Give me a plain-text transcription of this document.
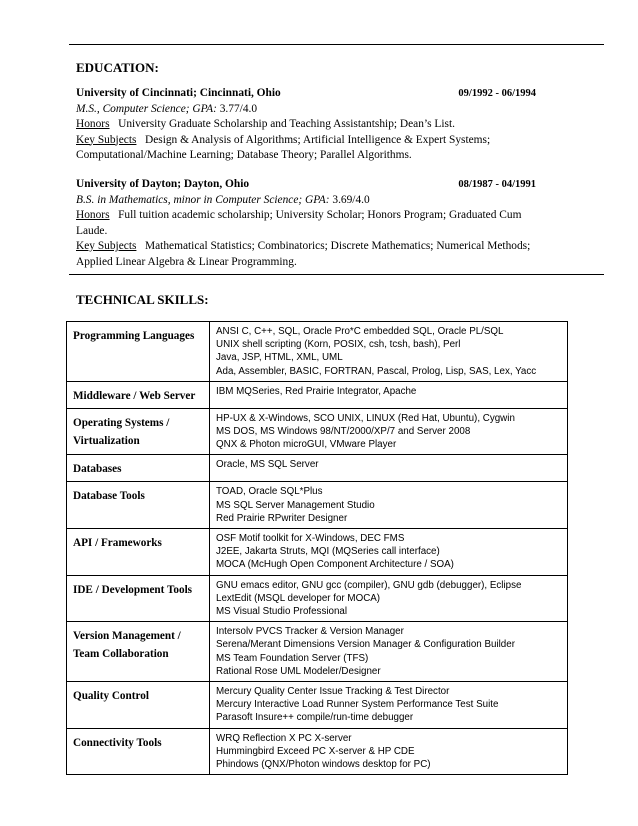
EDUCATION:
University of Cincinnati; Cincinnati, Ohio	09/1992 - 06/1994
M.S., Computer Science; GPA: 3.77/4.0
Honors University Graduate Scholarship and Teaching Assistantship; Dean’s List.
Key Subjects Design & Analysis of Algorithms; Artificial Intelligence & Expert Systems;
Computational/Machine Learning; Database Theory; Parallel Algorithms.
University of Dayton; Dayton, Ohio	08/1987 - 04/1991
B.S. in Mathematics, minor in Computer Science; GPA: 3.69/4.0
Honors Full tuition academic scholarship; University Scholar; Honors Program; Graduated Cum Laude.
Key Subjects Mathematical Statistics; Combinatorics; Discrete Mathematics; Numerical Methods;
Applied Linear Algebra & Linear Programming.
TECHNICAL SKILLS:
Programming Languages	ANSI C, C++, SQL, Oracle Pro*C embedded SQL, Oracle PL/SQL
UNIX shell scripting (Korn, POSIX, csh, tcsh, bash), Perl
Java, JSP, HTML, XML, UML
Ada, Assembler, BASIC, FORTRAN, Pascal, Prolog, Lisp, SAS, Lex, Yacc

Middleware / Web Server	IBM MQSeries, Red Prairie Integrator, Apache

Operating Systems /
Virtualization	HP-UX & X-Windows, SCO UNIX, LINUX (Red Hat, Ubuntu), Cygwin
MS DOS, MS Windows 98/NT/2000/XP/7 and Server 2008
QNX & Photon microGUI, VMware Player

Databases	Oracle, MS SQL Server

Database Tools	TOAD, Oracle SQL*Plus
MS SQL Server Management Studio
Red Prairie RPwriter Designer

API / Frameworks	OSF Motif toolkit for X-Windows, DEC FMS
J2EE, Jakarta Struts, MQI (MQSeries call interface)
MOCA (McHugh Open Component Architecture / SOA)

IDE / Development Tools	GNU emacs editor, GNU gcc (compiler), GNU gdb (debugger), Eclipse
LextEdit (MSQL developer for MOCA)
MS Visual Studio Professional

Version Management /
Team Collaboration	Intersolv PVCS Tracker & Version Manager
Serena/Merant Dimensions Version Manager & Configuration Builder
MS Team Foundation Server (TFS)
Rational Rose UML Modeler/Designer

Quality Control	Mercury Quality Center Issue Tracking & Test Director
Mercury Interactive Load Runner System Performance Test Suite
Parasoft Insure++ compile/run-time debugger

Connectivity Tools	WRQ Reflection X PC X-server
Hummingbird Exceed PC X-server & HP CDE
Phindows (QNX/Photon windows desktop for PC)
